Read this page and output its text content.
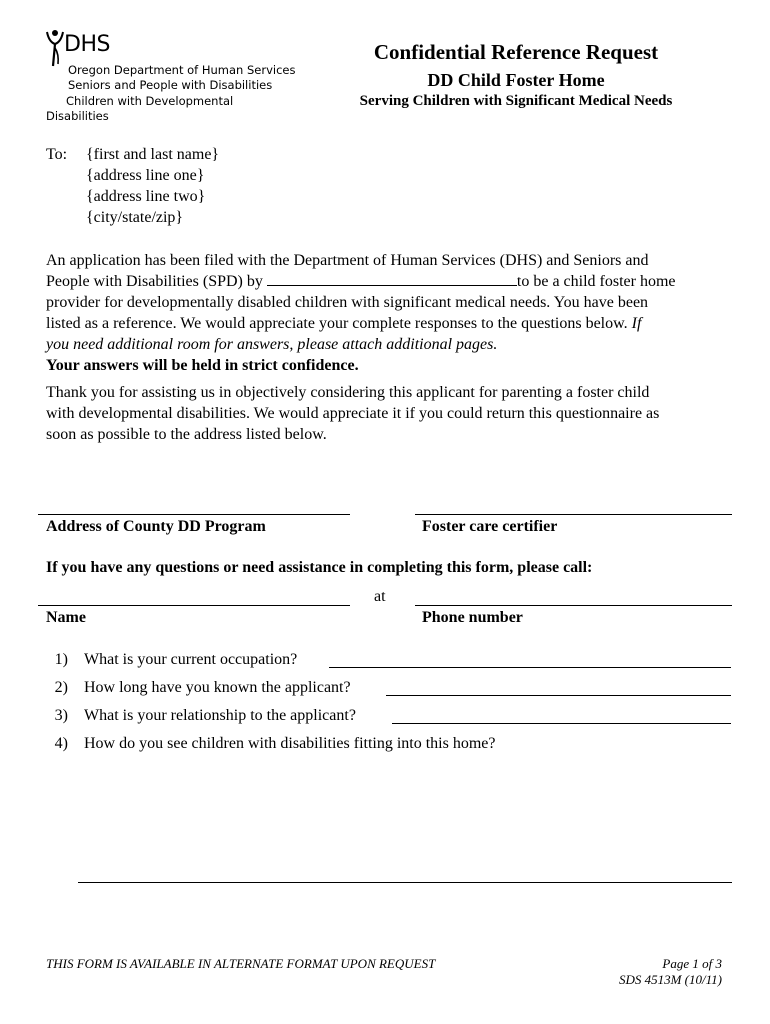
DHS
Oregon Department of Human Services
Seniors and People with Disabilities
Children with Developmental
Disabilities
Confidential Reference Request
DD Child Foster Home
Serving Children with Significant Medical Needs
To: {first and last name}
{address line one}
{address line two}
{city/state/zip}
An application has been filed with the Department of Human Services (DHS) and Seniors and
People with Disabilities (SPD) by	to be a child foster home
provider for developmentally disabled children with significant medical needs. You have been
listed as a reference. We would appreciate your complete responses to the questions below. If
you need additional room for answers, please attach additional pages.
Your answers will be held in strict confidence.
Thank you for assisting us in objectively considering this applicant for parenting a foster child
with developmental disabilities. We would appreciate it if you could return this questionnaire as
soon as possible to the address listed below.
Address of County DD Program	Foster care certifier
If you have any questions or need assistance in completing this form, please call:
at
Name	Phone number
1) What is your current occupation?
2) How long have you known the applicant?
3) What is your relationship to the applicant?
4) How do you see children with disabilities fitting into this home?
THIS FORM IS AVAILABLE IN ALTERNATE FORMAT UPON REQUEST	Page 1 of 3
SDS 4513M (10/11)
